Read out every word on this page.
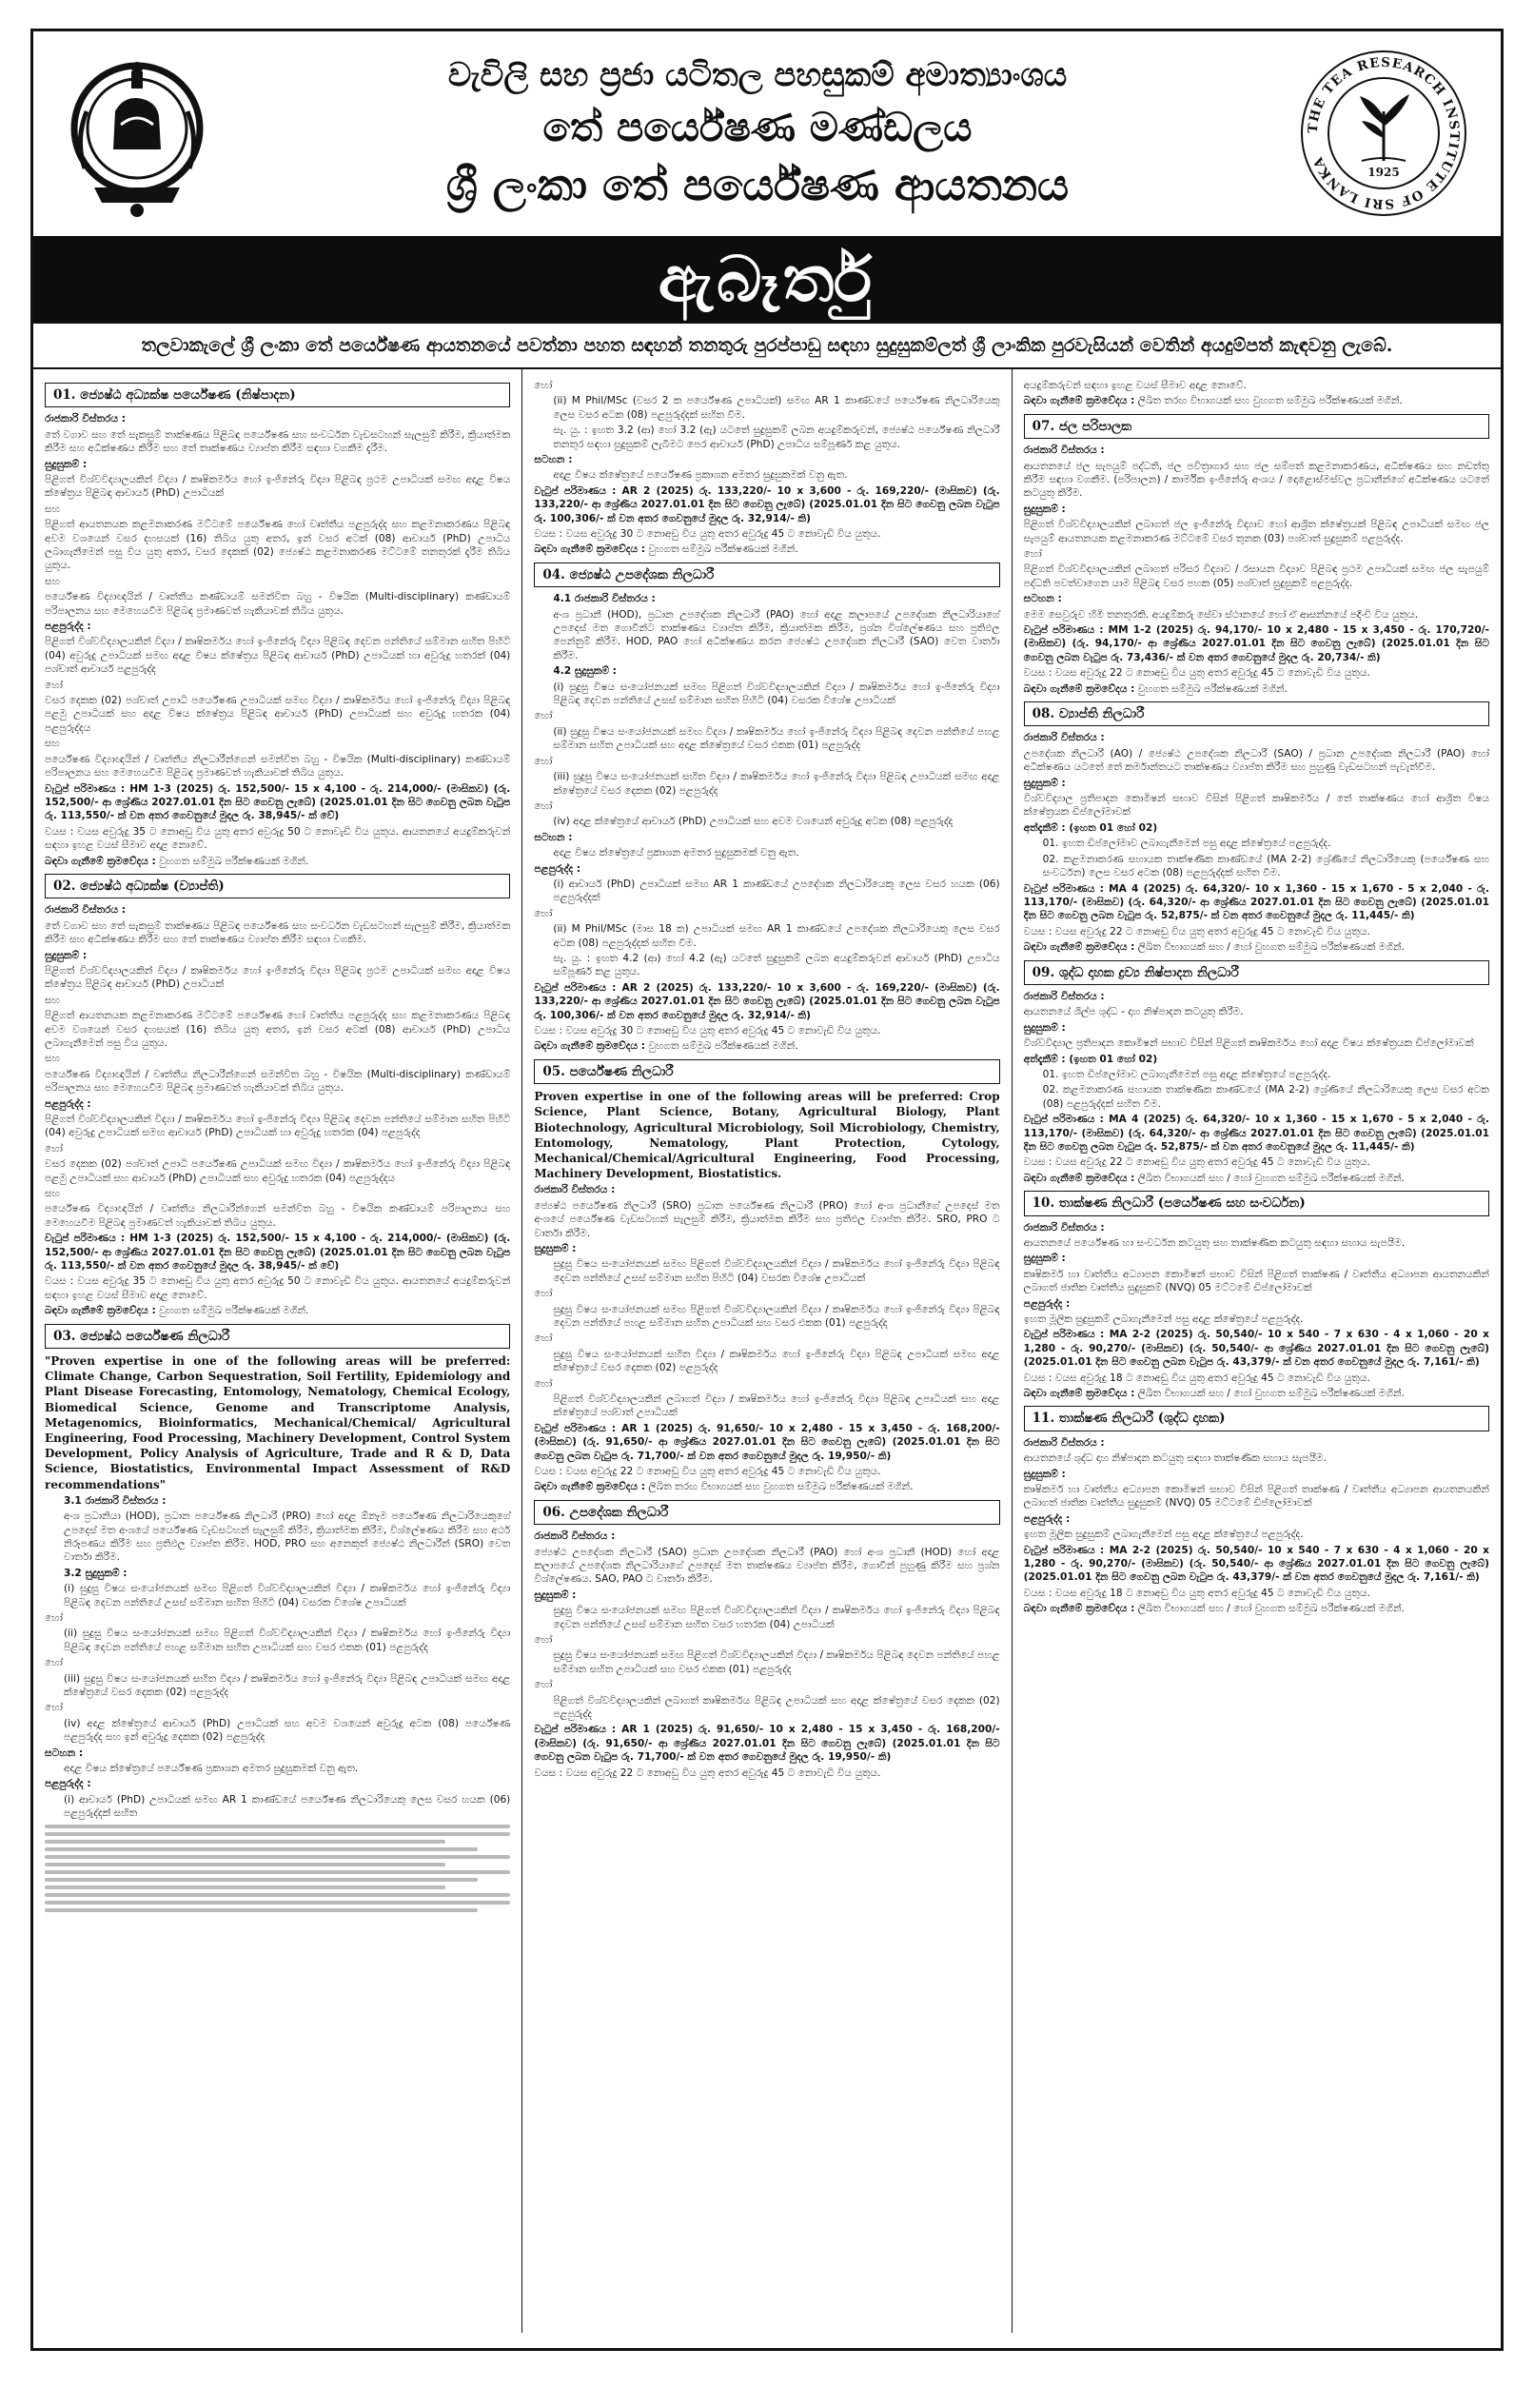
වැවිලි සහ ප්‍රජා යටිතල පහසුකම් අමාත්‍යාංශය
තේ පර්යේෂණ මණ්ඩලය
ශ්‍රී ලංකා තේ පර්යේෂණ ආයතනය
THE TEA RESEARCH INSTITUTE OF SRI LANKA
1925
ඇබෑර්තු
තලවාකැලේ ශ්‍රී ලංකා තේ පර්යේෂණ ආයතනයේ පවත්නා පහත සඳහන් තනතුරු පුරප්පාඩු සඳහා සුදුසුකම්ලත් ශ්‍රී ලාංකික පුරවැසියන් වෙතින් අයදුම්පත් කැඳවනු ලැබේ.
01. ජ්‍යෙෂ්ඨ අධ්‍යක්ෂ පර්යේෂණ (නිෂ්පාදන)

රාජකාරි විස්තරය :

තේ වගාව සහ තේ සැකසුම් තාක්ෂණය පිළිබඳ පර්යේෂණ සහ සංවර්ධන වැඩසටහන් සැලසුම් කිරීම, ක්‍රියාත්මක කිරීම සහ අධීක්ෂණය කිරීම සහ තේ තාක්ෂණය ව්‍යාප්ත කිරීම සඳහා වගකීම දැරීම.

සුදුසුකම් :

පිළිගත් විශ්වවිද්‍යාලයකින් විද්‍යා / කෘෂිකර්මය හෝ ඉංජිනේරු විද්‍යා පිළිබඳ ප්‍රථම උපාධියක් සමඟ අදාළ විෂය ක්ෂේත්‍රය පිළිබඳ ආචාර්ය (PhD) උපාධියක්

සහ

පිළිගත් ආයතනයක කළමනාකරණ මට්ටමේ පර්යේෂණ හෝ වෘත්තීය පළපුරුද්ද සහ කළමනාකරණය පිළිබඳ අවම වශයෙන් වසර දහසයක් (16) තිබිය යුතු අතර, ඉන් වසර අටක් (08) ආචාර්ය (PhD) උපාධිය ලබාගැනීමෙන් පසු විය යුතු අතර, වසර දෙකක් (02) ජ්‍යෙෂ්ඨ කළමනාකරණ මට්ටමේ තනතුරක් දැරීම තිබිය යුතුය.

සහ

පර්යේෂණ විද්‍යාඥයින් / වෘත්තීය කණ්ඩායම් සමන්විත බහු - විෂයික (Multi-disciplinary) කණ්ඩායම් පරිපාලනය සහ මෙහෙයවීම පිළිබඳ ප්‍රමාණවත් හැකියාවක් තිබිය යුතුය.

පළපුරුද්ද :

පිළිගත් විශ්වවිද්‍යාලයකින් විද්‍යා / කෘෂිකර්මය හෝ ඉංජිනේරු විද්‍යා පිළිබඳ දෙවන පන්තියේ සම්මාන සහිත පිහිටි (04) අවුරුදු උපාධියක් සමඟ අදාළ විෂය ක්ෂේත්‍රය පිළිබඳ ආචාර්ය (PhD) උපාධියක් හා අවුරුදු හතරක් (04) පශ්චාත් ආචාර්ය පළපුරුද්ද

හෝ

වසර දෙකක (02) පශ්චාත් උපාධි පර්යේෂණ උපාධියක් සමඟ විද්‍යා / කෘෂිකර්මය හෝ ඉංජිනේරු විද්‍යා පිළිබඳ පළමු උපාධියක් සහ අදාළ විෂය ක්ෂේත්‍රය පිළිබඳ ආචාර්ය (PhD) උපාධියක් සහ අවුරුදු හතරක (04) පළපුරුද්දය

සහ

පර්යේෂණ විද්‍යාඥයින් / වෘත්තීය නිලධාරීන්ගෙන් සමන්විත බහු - විෂයික (Multi-disciplinary) කණ්ඩායම් පරිපාලනය සහ මෙහෙයවීම පිළිබඳ ප්‍රමාණවත් හැකියාවක් තිබිය යුතුය.

වැටුප් පරිමාණය : HM 1-3 (2025) රු. 152,500/- 15 x 4,100 - රු. 214,000/- (මාසිකව) (රු. 152,500/- ආ ශ්‍රේණිය 2027.01.01 දින සිට ගෙවනු ලැබේ) (2025.01.01 දින සිට ගෙවනු ලබන වැටුප රු. 113,550/- ක් වන අතර ගෙවනුයේ මුදල රු. 38,945/- ක් වේ)

වයස : වයස අවුරුදු 35 ට නොඅඩු විය යුතු අතර අවුරුදු 50 ට නොවැඩි විය යුතුය. ආයතනයේ අයදුම්කරුවන් සඳහා ඉහළ වයස් සීමාව අදාළ නොවේ.

බඳවා ගැනීමේ ක්‍රමවේදය : වුහගත සම්මුඛ පරීක්ෂණයක් මගින්.

02. ජ්‍යෙෂ්ඨ අධ්‍යක්ෂ (ව්‍යාප්ති)

රාජකාරි විස්තරය :

තේ වගාව සහ තේ සැකසුම් තාක්ෂණය පිළිබඳ පර්යේෂණ සහ සංවර්ධන වැඩසටහන් සැලසුම් කිරීම, ක්‍රියාත්මක කිරීම සහ අධීක්ෂණය කිරීම සහ තේ තාක්ෂණය ව්‍යාප්ත කිරීම සඳහා වගකීම.

සුදුසුකම් :

පිළිගත් විශ්වවිද්‍යාලයකින් විද්‍යා / කෘෂිකර්මය හෝ ඉංජිනේරු විද්‍යා පිළිබඳ ප්‍රථම උපාධියක් සමඟ අදාළ විෂය ක්ෂේත්‍රය පිළිබඳ ආචාර්ය (PhD) උපාධියක්

සහ

පිළිගත් ආයතනයක කළමනාකරණ මට්ටමේ පර්යේෂණ හෝ වෘත්තීය පළපුරුද්ද සහ කළමනාකරණය පිළිබඳ අවම වශයෙන් වසර දහසයක් (16) තිබිය යුතු අතර, ඉන් වසර අටක් (08) ආචාර්ය (PhD) උපාධිය ලබාගැනීමෙන් පසු විය යුතුය.

සහ

පර්යේෂණ විද්‍යාඥයින් / වෘත්තීය නිලධාරීන්ගෙන් සමන්විත බහු - විෂයික (Multi-disciplinary) කණ්ඩායම් පරිපාලනය සහ මෙහෙයවීම පිළිබඳ ප්‍රමාණවත් හැකියාවක් තිබිය යුතුය.

පළපුරුද්ද :

පිළිගත් විශ්වවිද්‍යාලයකින් විද්‍යා / කෘෂිකර්මය හෝ ඉංජිනේරු විද්‍යා පිළිබඳ දෙවන පන්තියේ සම්මාන සහිත පිහිටි (04) අවුරුදු උපාධියක් සමඟ ආචාර්ය (PhD) උපාධියක් හා අවුරුදු හතරක (04) පළපුරුද්ද

හෝ

වසර දෙකක (02) පශ්චාත් උපාධි පර්යේෂණ උපාධියක් සමඟ විද්‍යා / කෘෂිකර්මය හෝ ඉංජිනේරු විද්‍යා පිළිබඳ පළමු උපාධියක් සහ ආචාර්ය (PhD) උපාධියක් සහ අවුරුදු හතරක (04) පළපුරුද්දය

සහ

පර්යේෂණ විද්‍යාඥයින් / වෘත්තීය නිලධාරීන්ගෙන් සමන්විත බහු - විෂයික කණ්ඩායම් පරිපාලනය සහ මෙහෙයවීම පිළිබඳ ප්‍රමාණවත් හැකියාවක් තිබිය යුතුය.

වැටුප් පරිමාණය : HM 1-3 (2025) රු. 152,500/- 15 x 4,100 - රු. 214,000/- (මාසිකව) (රු. 152,500/- ආ ශ්‍රේණිය 2027.01.01 දින සිට ගෙවනු ලැබේ) (2025.01.01 දින සිට ගෙවනු ලබන වැටුප රු. 113,550/- ක් වන අතර ගෙවනුයේ මුදල රු. 38,945/- ක් වේ)

වයස : වයස අවුරුදු 35 ට නොඅඩු විය යුතු අතර අවුරුදු 50 ට නොවැඩි විය යුතුය. ආයතනයේ අයදුම්කරුවන් සඳහා ඉහළ වයස් සීමාව අදාළ නොවේ.

බඳවා ගැනීමේ ක්‍රමවේදය : වුහගත සම්මුඛ පරීක්ෂණයක් මගින්.

03. ජ්‍යෙෂ්ඨ පර්යේෂණ නිලධාරී

"Proven expertise in one of the following areas will be preferred: Climate Change, Carbon Sequestration, Soil Fertility, Epidemiology and Plant Disease Forecasting, Entomology, Nematology, Chemical Ecology, Biomedical Science, Genome and Transcriptome Analysis, Metagenomics, Bioinformatics, Mechanical/Chemical/ Agricultural Engineering, Food Processing, Machinery Development, Control System Development, Policy Analysis of Agriculture, Trade and R & D, Data Science, Biostatistics, Environmental Impact Assessment of R&D recommendations"

3.1 රාජකාරි විස්තරය :

අංශ ප්‍රධානියා (HOD), ප්‍රධාන පර්යේෂණ නිලධාරී (PRO) හෝ අදාළ ඕනෑම පර්යේෂණ නිලධාරියෙකුගේ උපදෙස් මත අංශයේ පර්යේෂණ වැඩසටහන් සැලසුම් කිරීම, ක්‍රියාත්මක කිරීම, විශ්ලේෂණය කිරීම සහ අර්ථ නිරූපණය කිරීම සහ ප්‍රතිඵල ව්‍යාප්ත කිරීම. HOD, PRO සහ අනෙකුත් ජ්‍යෙෂ්ඨ නිලධාරීන් (SRO) වෙත වාර්තා කිරීම.

3.2 සුදුසුකම් :

(i) සුදුසු විෂය සංයෝජනයක් සමඟ පිළිගත් විශ්වවිද්‍යාලයකින් විද්‍යා / කෘෂිකර්මය හෝ ඉංජිනේරු විද්‍යා පිළිබඳ දෙවන පන්තියේ උසස් සම්මාන සහිත පිහිටි (04) වසරක විශේෂ උපාධියක්

හෝ

(ii) සුදුසු විෂය සංයෝජනයක් සමඟ පිළිගත් විශ්වවිද්‍යාලයකින් විද්‍යා / කෘෂිකර්මය හෝ ඉංජිනේරු විද්‍යා පිළිබඳ දෙවන පන්තියේ පහළ සම්මාන සහිත උපාධියක් සහ වසර එකක (01) පළපුරුද්ද

හෝ

(iii) සුදුසු විෂය සංයෝජනයක් සහිත විද්‍යා / කෘෂිකර්මය හෝ ඉංජිනේරු විද්‍යා පිළිබඳ උපාධියක් සමඟ අදාළ ක්ෂේත්‍රයේ වසර දෙකක (02) පළපුරුද්ද

හෝ

(iv) අදාළ ක්ෂේත්‍රයේ ආචාර්ය (PhD) උපාධියක් සහ අවම වශයෙන් අවුරුදු අටක (08) පර්යේෂණ පළපුරුද්ද සහ ඉන් අවුරුදු දෙකක (02) පළපුරුද්ද

සටහන :

අදාළ විෂය ක්ෂේත්‍රයේ පර්යේෂණ ප්‍රකාශන අමතර සුදුසුකමක් වනු ඇත.

පළපුරුද්ද :

(i) ආචාර්ය (PhD) උපාධියක් සමඟ AR 1 කාණ්ඩයේ පර්යේෂණ නිලධාරියෙකු ලෙස වසර හයක (06) පළපුරුද්දක් සහිත

හෝ

(ii) M Phil/MSc (වසර 2 ක පර්යේෂණ උපාධියක්) සමඟ AR 1 කාණ්ඩයේ පර්යේෂණ නිලධාරියෙකු ලෙස වසර අටක (08) පළපුරුද්දක් සහිත වීම.

සැ. යු. : ඉහත 3.2 (ආ) හෝ 3.2 (ඇ) යටතේ සුදුසුකම් ලබන අයදුම්කරුවන්, ජ්‍යෙෂ්ඨ පර්යේෂණ නිලධාරී තනතුර සඳහා සුදුසුකම් ලැබීමට පෙර ආචාර්ය (PhD) උපාධිය සම්පූර්ණ කළ යුතුය.

සටහන :

අදාළ විෂය ක්ෂේත්‍රයේ පර්යේෂණ ප්‍රකාශන අමතර සුදුසුකමක් වනු ඇත.

වැටුප් පරිමාණය : AR 2 (2025) රු. 133,220/- 10 x 3,600 - රු. 169,220/- (මාසිකව) (රු. 133,220/- ආ ශ්‍රේණිය 2027.01.01 දින සිට ගෙවනු ලැබේ) (2025.01.01 දින සිට ගෙවනු ලබන වැටුප රු. 100,306/- ක් වන අතර ගෙවනුයේ මුදල රු. 32,914/- කි)

වයස : වයස අවුරුදු 30 ට නොඅඩු විය යුතු අතර අවුරුදු 45 ට නොවැඩි විය යුතුය.

බඳවා ගැනීමේ ක්‍රමවේදය : වුහගත සම්මුඛ පරීක්ෂණයක් මගින්.

04. ජ්‍යෙෂ්ඨ උපදේශක නිලධාරී

4.1 රාජකාරි විස්තරය :

අංශ ප්‍රධානී (HOD), ප්‍රධාන උපදේශක නිලධාරී (PAO) හෝ අදාළ කලාපයේ උපදේශක නිලධාරියාගේ උපදෙස් මත ගොවීන්ට තාක්ෂණය ව්‍යාප්ත කිරීම, ක්‍රියාත්මක කිරීම, ප්‍රශ්න විශ්ලේෂණය සහ ප්‍රතිඵල පෙන්නුම් කිරීම. HOD, PAO හෝ අධීක්ෂණය කරන ජ්‍යෙෂ්ඨ උපදේශක නිලධාරී (SAO) වෙත වාර්තා කිරීම.

4.2 සුදුසුකම් :

(i) සුදුසු විෂය සංයෝජනයක් සමඟ පිළිගත් විශ්වවිද්‍යාලයකින් විද්‍යා / කෘෂිකර්මය හෝ ඉංජිනේරු විද්‍යා පිළිබඳ දෙවන පන්තියේ උසස් සම්මාන සහිත පිහිටි (04) වසරක විශේෂ උපාධියක්

හෝ

(ii) සුදුසු විෂය සංයෝජනයක් සමඟ විද්‍යා / කෘෂිකර්මය හෝ ඉංජිනේරු විද්‍යා පිළිබඳ දෙවන පන්තියේ පහළ සම්මාන සහිත උපාධියක් සහ අදාළ ක්ෂේත්‍රයේ වසර එකක (01) පළපුරුද්ද

හෝ

(iii) සුදුසු විෂය සංයෝජනයක් සහිත විද්‍යා / කෘෂිකර්මය හෝ ඉංජිනේරු විද්‍යා පිළිබඳ උපාධියක් සමඟ අදාළ ක්ෂේත්‍රයේ වසර දෙකක (02) පළපුරුද්ද

හෝ

(iv) අදාළ ක්ෂේත්‍රයේ ආචාර්ය (PhD) උපාධියක් සහ අවම වශයෙන් අවුරුදු අටක (08) පළපුරුද්ද

සටහන :

අදාළ විෂය ක්ෂේත්‍රයේ ප්‍රකාශන අමතර සුදුසුකමක් වනු ඇත.

පළපුරුද්ද :

(i) ආචාර්ය (PhD) උපාධියක් සමඟ AR 1 කාණ්ඩයේ උපදේශක නිලධාරියෙකු ලෙස වසර හයක (06) පළපුරුද්දක්

හෝ

(ii) M Phil/MSc (මාස 18 ක) උපාධියක් සමඟ AR 1 කාණ්ඩයේ උපදේශක නිලධාරියෙකු ලෙස වසර අටක (08) පළපුරුද්දක් සහිත වීම.

සැ. යු. : ඉහත 4.2 (ආ) හෝ 4.2 (ඇ) යටතේ සුදුසුකම් ලබන අයදුම්කරුවන් ආචාර්ය (PhD) උපාධිය සම්පූර්ණ කළ යුතුය.

වැටුප් පරිමාණය : AR 2 (2025) රු. 133,220/- 10 x 3,600 - රු. 169,220/- (මාසිකව) (රු. 133,220/- ආ ශ්‍රේණිය 2027.01.01 දින සිට ගෙවනු ලැබේ) (2025.01.01 දින සිට ගෙවනු ලබන වැටුප රු. 100,306/- ක් වන අතර ගෙවනුයේ මුදල රු. 32,914/- කි)

වයස : වයස අවුරුදු 30 ට නොඅඩු විය යුතු අතර අවුරුදු 45 ට නොවැඩි විය යුතුය.

බඳවා ගැනීමේ ක්‍රමවේදය : වුහගත සම්මුඛ පරීක්ෂණයක් මගින්.

05. පර්යේෂණ නිලධාරී

Proven expertise in one of the following areas will be preferred: Crop Science, Plant Science, Botany, Agricultural Biology, Plant Biotechnology, Agricultural Microbiology, Soil Microbiology, Chemistry, Entomology, Nematology, Plant Protection, Cytology, Mechanical/Chemical/Agricultural Engineering, Food Processing, Machinery Development, Biostatistics.

රාජකාරි විස්තරය :

ජ්‍යෙෂ්ඨ පර්යේෂණ නිලධාරී (SRO) ප්‍රධාන පර්යේෂණ නිලධාරී (PRO) හෝ අංශ ප්‍රධානීගේ උපදෙස් මත අංශයේ පර්යේෂණ වැඩසටහන් සැලසුම් කිරීම, ක්‍රියාත්මක කිරීම සහ ප්‍රතිඵල ව්‍යාප්ත කිරීම. SRO, PRO ට වාර්තා කිරීම.

සුදුසුකම් :

සුදුසු විෂය සංයෝජනයක් සමඟ පිළිගත් විශ්වවිද්‍යාලයකින් විද්‍යා / කෘෂිකර්මය හෝ ඉංජිනේරු විද්‍යා පිළිබඳ දෙවන පන්තියේ උසස් සම්මාන සහිත පිහිටි (04) වසරක විශේෂ උපාධියක්

හෝ

සුදුසු විෂය සංයෝජනයක් සමඟ පිළිගත් විශ්වවිද්‍යාලයකින් විද්‍යා / කෘෂිකර්මය හෝ ඉංජිනේරු විද්‍යා පිළිබඳ දෙවන පන්තියේ පහළ සම්මාන සහිත උපාධියක් සහ වසර එකක (01) පළපුරුද්ද

හෝ

සුදුසු විෂය සංයෝජනයක් සහිත විද්‍යා / කෘෂිකර්මය හෝ ඉංජිනේරු විද්‍යා පිළිබඳ උපාධියක් සමඟ අදාළ ක්ෂේත්‍රයේ වසර දෙකක (02) පළපුරුද්ද

හෝ

පිළිගත් විශ්වවිද්‍යාලයකින් ලබාගත් විද්‍යා / කෘෂිකර්මය හෝ ඉංජිනේරු විද්‍යා පිළිබඳ උපාධියක් සහ අදාළ ක්ෂේත්‍රයේ පශ්චාත් උපාධියක්

වැටුප් පරිමාණය : AR 1 (2025) රු. 91,650/- 10 x 2,480 - 15 x 3,450 - රු. 168,200/- (මාසිකව) (රු. 91,650/- ආ ශ්‍රේණිය 2027.01.01 දින සිට ගෙවනු ලැබේ) (2025.01.01 දින සිට ගෙවනු ලබන වැටුප රු. 71,700/- ක් වන අතර ගෙවනුයේ මුදල රු. 19,950/- කි)

වයස : වයස අවුරුදු 22 ට නොඅඩු විය යුතු අතර අවුරුදු 45 ට නොවැඩි විය යුතුය.

බඳවා ගැනීමේ ක්‍රමවේදය : ලිඛිත තරඟ විභාගයක් සහ වුහගත සම්මුඛ පරීක්ෂණයක් මගින්.

06. උපදේශක නිලධාරී

රාජකාරි විස්තරය :

ජ්‍යෙෂ්ඨ උපදේශක නිලධාරී (SAO) ප්‍රධාන උපදේශක නිලධාරී (PAO) හෝ අංශ ප්‍රධානී (HOD) හෝ අදාළ කලාපයේ උපදේශක නිලධාරියාගේ උපදෙස් මත තාක්ෂණය ව්‍යාප්ත කිරීම, ගොවීන් පුහුණු කිරීම සහ ප්‍රශ්න විශ්ලේෂණය. SAO, PAO ට වාර්තා කිරීම.

සුදුසුකම් :

සුදුසු විෂය සංයෝජනයක් සමඟ පිළිගත් විශ්වවිද්‍යාලයකින් විද්‍යා / කෘෂිකර්මය හෝ ඉංජිනේරු විද්‍යා පිළිබඳ දෙවන පන්තියේ උසස් සම්මාන සහිත වසර හතරක (04) උපාධියක්

හෝ

සුදුසු විෂය සංයෝජනයක් සමඟ පිළිගත් විශ්වවිද්‍යාලයකින් විද්‍යා / කෘෂිකර්මය පිළිබඳ දෙවන පන්තියේ පහළ සම්මාන සහිත උපාධියක් සහ වසර එකක (01) පළපුරුද්ද

හෝ

පිළිගත් විශ්වවිද්‍යාලයකින් ලබාගත් කෘෂිකර්මය පිළිබඳ උපාධියක් සහ අදාළ ක්ෂේත්‍රයේ වසර දෙකක (02) පළපුරුද්ද

වැටුප් පරිමාණය : AR 1 (2025) රු. 91,650/- 10 x 2,480 - 15 x 3,450 - රු. 168,200/- (මාසිකව) (රු. 91,650/- ආ ශ්‍රේණිය 2027.01.01 දින සිට ගෙවනු ලැබේ) (2025.01.01 දින සිට ගෙවනු ලබන වැටුප රු. 71,700/- ක් වන අතර ගෙවනුයේ මුදල රු. 19,950/- කි)

වයස : වයස අවුරුදු 22 ට නොඅඩු විය යුතු අතර අවුරුදු 45 ට නොවැඩි විය යුතුය.

අයදුම්කරුවන් සඳහා ඉහළ වයස් සීමාව අදාළ නොවේ.

බඳවා ගැනීමේ ක්‍රමවේදය : ලිඛිත තරඟ විභාගයක් සහ වුහගත සම්මුඛ පරීක්ෂණයක් මගින්.

07. ජල පරිපාලක

රාජකාරි විස්තරය :

ආයතනයේ ජල සැපයුම් පද්ධති, ජල පවිත්‍රාගාර සහ ජල සම්පත් කළමනාකරණය, අධීක්ෂණය සහ නඩත්තු කිරීම සඳහා වගකීම. (පරිපාලන) / කාර්මික ඉංජිනේරු අංශය / දොළොස්මස්වල ප්‍රධානීන්ගේ අධීක්ෂණය යටතේ කටයුතු කිරීම.

සුදුසුකම් :

පිළිගත් විශ්වවිද්‍යාලයකින් ලබාගත් ජල ඉංජිනේරු විද්‍යාව හෝ ආශ්‍රිත ක්ෂේත්‍රයක් පිළිබඳ උපාධියක් සමඟ ජල සැපයුම් ආයතනයක කළමනාකරණ මට්ටමේ වසර තුනක (03) පශ්චාත් සුදුසුකම් පළපුරුද්ද.

හෝ

පිළිගත් විශ්වවිද්‍යාලයකින් ලබාගත් පරිසර විද්‍යාව / රසායන විද්‍යාව පිළිබඳ ප්‍රථම උපාධියක් සමඟ ජල සැපයුම් පද්ධති පවත්වාගෙන යාම පිළිබඳ වසර පහක (05) පශ්චාත් සුදුසුකම් පළපුරුද්ද.

සටහන :

මෙම සෙවුරුව හිමි තනතුරකි. අයදුම්කරු සේවා ස්ථානයේ හෝ ඒ ආසන්නයේ පදිංචි විය යුතුය.

වැටුප් පරිමාණය : MM 1-2 (2025) රු. 94,170/- 10 x 2,480 - 15 x 3,450 - රු. 170,720/- (මාසිකව) (රු. 94,170/- ආ ශ්‍රේණිය 2027.01.01 දින සිට ගෙවනු ලැබේ) (2025.01.01 දින සිට ගෙවනු ලබන වැටුප රු. 73,436/- ක් වන අතර ගෙවනුයේ මුදල රු. 20,734/- කි)

වයස : වයස අවුරුදු 22 ට නොඅඩු විය යුතු අතර අවුරුදු 45 ට නොවැඩි විය යුතුය.

බඳවා ගැනීමේ ක්‍රමවේදය : වුහගත සම්මුඛ පරීක්ෂණයක් මගින්.

08. ව්‍යාප්ති නිලධාරී

රාජකාරි විස්තරය :

උපදේශක නිලධාරී (AO) / ජ්‍යෙෂ්ඨ උපදේශක නිලධාරී (SAO) / ප්‍රධාන උපදේශක නිලධාරී (PAO) හෝ අධීක්ෂණය යටතේ තේ කර්මාන්තයට තාක්ෂණය ව්‍යාප්ත කිරීම සහ පුහුණු වැඩසටහන් පැවැත්වීම.

සුදුසුකම් :

විශ්වවිද්‍යාල ප්‍රතිපාදන කොමිෂන් සභාව විසින් පිළිගත් කෘෂිකර්මය / තේ තාක්ෂණය හෝ ආශ්‍රිත විෂය ක්ෂේත්‍රයක ඩිප්ලෝමාවක්

අත්දැකීම් : (ඉහත 01 හෝ 02)

01. ඉහත ඩිප්ලෝමාව ලබාගැනීමෙන් පසු අදාළ ක්ෂේත්‍රයේ පළපුරුද්ද.

02. කළමනාකරණ සහායක තාක්ෂණික කාණ්ඩයේ (MA 2-2) ශ්‍රේණියේ නිලධාරියෙකු (පර්යේෂණ සහ සංවර්ධන) ලෙස වසර අටක (08) පළපුරුද්දක් සහිත වීම.

වැටුප් පරිමාණය : MA 4 (2025) රු. 64,320/- 10 x 1,360 - 15 x 1,670 - 5 x 2,040 - රු. 113,170/- (මාසිකව) (රු. 64,320/- ආ ශ්‍රේණිය 2027.01.01 දින සිට ගෙවනු ලැබේ) (2025.01.01 දින සිට ගෙවනු ලබන වැටුප රු. 52,875/- ක් වන අතර ගෙවනුයේ මුදල රු. 11,445/- කි)

වයස : වයස අවුරුදු 22 ට නොඅඩු විය යුතු අතර අවුරුදු 45 ට නොවැඩි විය යුතුය.

බඳවා ගැනීමේ ක්‍රමවේදය : ලිඛිත විභාගයක් සහ / හෝ වුහගත සම්මුඛ පරීක්ෂණයක් මගින්.

09. ශුද්ධ දාහක ද්‍රව්‍ය නිෂ්පාදන නිලධාරී

රාජකාරි විස්තරය :

ආයතනයේ ශිල්ප ශුද්ධ - දාහ නිෂ්පාදන කටයුතු කිරීම.

සුදුසුකම් :

විශ්වවිද්‍යාල ප්‍රතිපාදන කොමිෂන් සභාව විසින් පිළිගත් කෘෂිකර්මය හෝ අදාළ විෂය ක්ෂේත්‍රයක ඩිප්ලෝමාවක්

අත්දැකීම් : (ඉහත 01 හෝ 02)

01. ඉහත ඩිප්ලෝමාව ලබාගැනීමෙන් පසු අදාළ ක්ෂේත්‍රයේ පළපුරුද්ද.

02. කළමනාකරණ සහායක තාක්ෂණික කාණ්ඩයේ (MA 2-2) ශ්‍රේණියේ නිලධාරියෙකු ලෙස වසර අටක (08) පළපුරුද්දක් සහිත වීම.

වැටුප් පරිමාණය : MA 4 (2025) රු. 64,320/- 10 x 1,360 - 15 x 1,670 - 5 x 2,040 - රු. 113,170/- (මාසිකව) (රු. 64,320/- ආ ශ්‍රේණිය 2027.01.01 දින සිට ගෙවනු ලැබේ) (2025.01.01 දින සිට ගෙවනු ලබන වැටුප රු. 52,875/- ක් වන අතර ගෙවනුයේ මුදල රු. 11,445/- කි)

වයස : වයස අවුරුදු 22 ට නොඅඩු විය යුතු අතර අවුරුදු 45 ට නොවැඩි විය යුතුය.

බඳවා ගැනීමේ ක්‍රමවේදය : ලිඛිත විභාගයක් සහ / හෝ වුහගත සම්මුඛ පරීක්ෂණයක් මගින්.

10. තාක්ෂණ නිලධාරී (පර්යේෂණ සහ සංවර්ධන)

රාජකාරි විස්තරය :

ආයතනයේ පර්යේෂණ හා සංවර්ධන කටයුතු සහ තාක්ෂණික කටයුතු සඳහා සහාය සැපයීම.

සුදුසුකම් :

කෘෂිකර්ම හා වෘත්තීය අධ්‍යාපන කොමිෂන් සභාව විසින් පිළිගත් තාක්ෂණ / වෘත්තීය අධ්‍යාපන ආයතනයකින් ලබාගත් ජාතික වෘත්තීය සුදුසුකම් (NVQ) 05 මට්ටමේ ඩිප්ලෝමාවක්

පළපුරුද්ද :

ඉහත මූලික සුදුසුකම් ලබාගැනීමෙන් පසු අදාළ ක්ෂේත්‍රයේ පළපුරුද්ද.

වැටුප් පරිමාණය : MA 2-2 (2025) රු. 50,540/- 10 x 540 - 7 x 630 - 4 x 1,060 - 20 x 1,280 - රු. 90,270/- (මාසිකව) (රු. 50,540/- ආ ශ්‍රේණිය 2027.01.01 දින සිට ගෙවනු ලැබේ) (2025.01.01 දින සිට ගෙවනු ලබන වැටුප රු. 43,379/- ක් වන අතර ගෙවනුයේ මුදල රු. 7,161/- කි)

වයස : වයස අවුරුදු 18 ට නොඅඩු විය යුතු අතර අවුරුදු 45 ට නොවැඩි විය යුතුය.

බඳවා ගැනීමේ ක්‍රමවේදය : ලිඛිත විභාගයක් සහ / හෝ වුහගත සම්මුඛ පරීක්ෂණයක් මගින්.

11. තාක්ෂණ නිලධාරී (ශුද්ධ දාහක)

රාජකාරි විස්තරය :

ආයතනයේ ශුද්ධ දාහ නිෂ්පාදන කටයුතු සඳහා තාක්ෂණික සහාය සැපයීම.

සුදුසුකම් :

කෘෂිකර්ම හා වෘත්තීය අධ්‍යාපන කොමිෂන් සභාව විසින් පිළිගත් තාක්ෂණ / වෘත්තීය අධ්‍යාපන ආයතනයකින් ලබාගත් ජාතික වෘත්තීය සුදුසුකම් (NVQ) 05 මට්ටමේ ඩිප්ලෝමාවක්

පළපුරුද්ද :

ඉහත මූලික සුදුසුකම් ලබාගැනීමෙන් පසු අදාළ ක්ෂේත්‍රයේ පළපුරුද්ද.

වැටුප් පරිමාණය : MA 2-2 (2025) රු. 50,540/- 10 x 540 - 7 x 630 - 4 x 1,060 - 20 x 1,280 - රු. 90,270/- (මාසිකව) (රු. 50,540/- ආ ශ්‍රේණිය 2027.01.01 දින සිට ගෙවනු ලැබේ) (2025.01.01 දින සිට ගෙවනු ලබන වැටුප රු. 43,379/- ක් වන අතර ගෙවනුයේ මුදල රු. 7,161/- කි)

වයස : වයස අවුරුදු 18 ට නොඅඩු විය යුතු අතර අවුරුදු 45 ට නොවැඩි විය යුතුය.

බඳවා ගැනීමේ ක්‍රමවේදය : ලිඛිත විභාගයක් සහ / හෝ වුහගත සම්මුඛ පරීක්ෂණයක් මගින්.
